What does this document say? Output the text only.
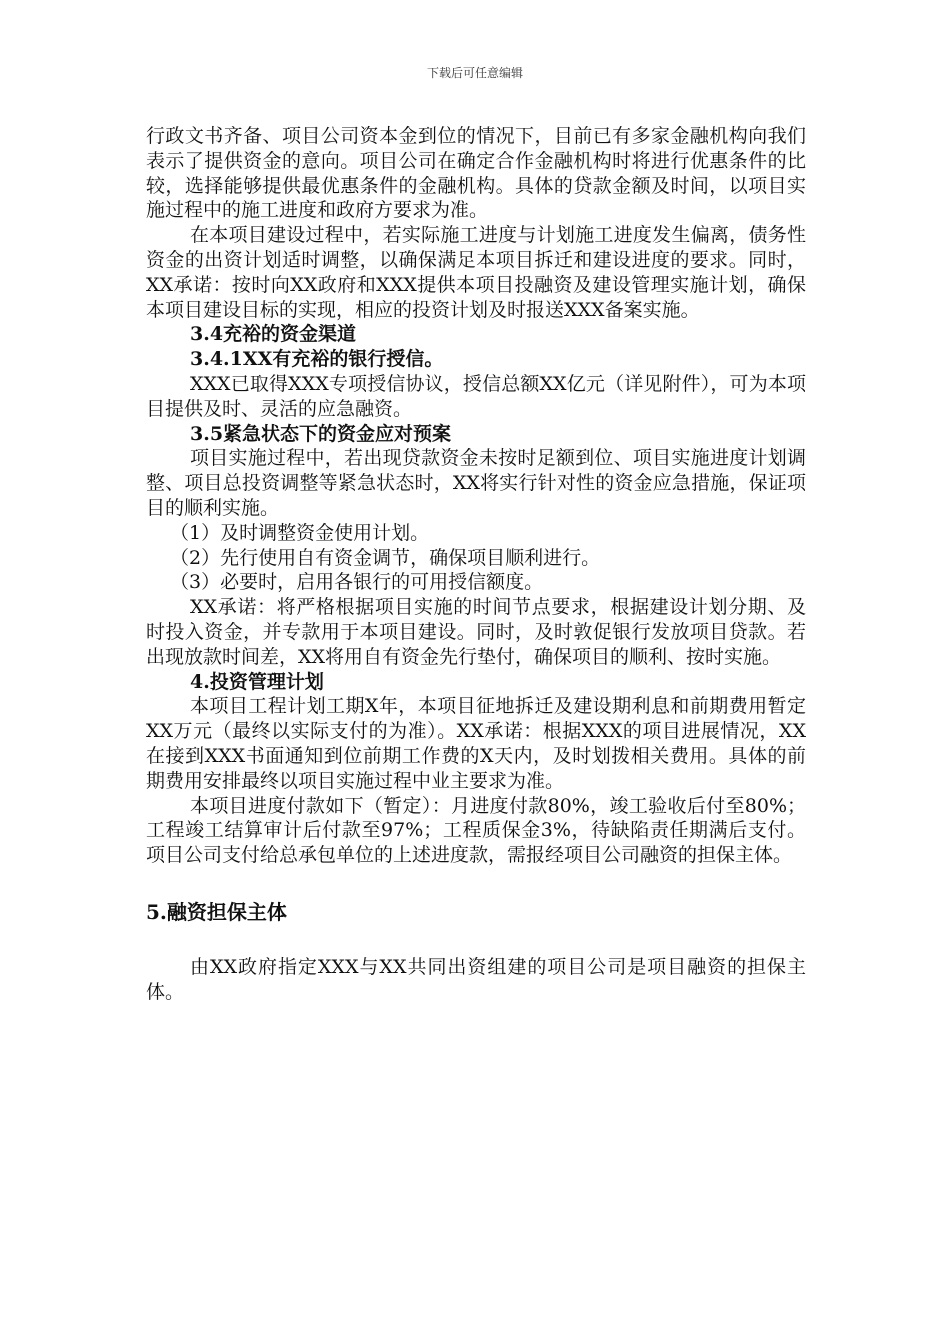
下载后可任意编辑

行政文书齐备、项目公司资本金到位的情况下，目前已有多家金融机构向我们表示了提供资金的意向。项目公司在确定合作金融机构时将进行优惠条件的比较，选择能够提供最优惠条件的金融机构。具体的贷款金额及时间，以项目实施过程中的施工进度和政府方要求为准。

在本项目建设过程中，若实际施工进度与计划施工进度发生偏离，债务性资金的出资计划适时调整，以确保满足本项目拆迁和建设进度的要求。同时，XX承诺：按时向XX政府和XXX提供本项目投融资及建设管理实施计划，确保本项目建设目标的实现，相应的投资计划及时报送XXX备案实施。

3.4充裕的资金渠道

3.4.1XX有充裕的银行授信。

XXX已取得XXX专项授信协议，授信总额XX亿元（详见附件），可为本项目提供及时、灵活的应急融资。

3.5紧急状态下的资金应对预案

项目实施过程中，若出现贷款资金未按时足额到位、项目实施进度计划调整、项目总投资调整等紧急状态时，XX将实行针对性的资金应急措施，保证项目的顺利实施。

（1）及时调整资金使用计划。

（2）先行使用自有资金调节，确保项目顺利进行。

（3）必要时，启用各银行的可用授信额度。

XX承诺：将严格根据项目实施的时间节点要求，根据建设计划分期、及时投入资金，并专款用于本项目建设。同时，及时敦促银行发放项目贷款。若出现放款时间差，XX将用自有资金先行垫付，确保项目的顺利、按时实施。

4.投资管理计划

本项目工程计划工期X年，本项目征地拆迁及建设期利息和前期费用暂定XX万元（最终以实际支付的为准）。XX承诺：根据XXX的项目进展情况，XX在接到XXX书面通知到位前期工作费的X天内，及时划拨相关费用。具体的前期费用安排最终以项目实施过程中业主要求为准。

本项目进度付款如下（暂定）：月进度付款80%，竣工验收后付至80%；工程竣工结算审计后付款至97%；工程质保金3%，待缺陷责任期满后支付。项目公司支付给总承包单位的上述进度款，需报经项目公司融资的担保主体。

5.融资担保主体

由XX政府指定XXX与XX共同出资组建的项目公司是项目融资的担保主体。
